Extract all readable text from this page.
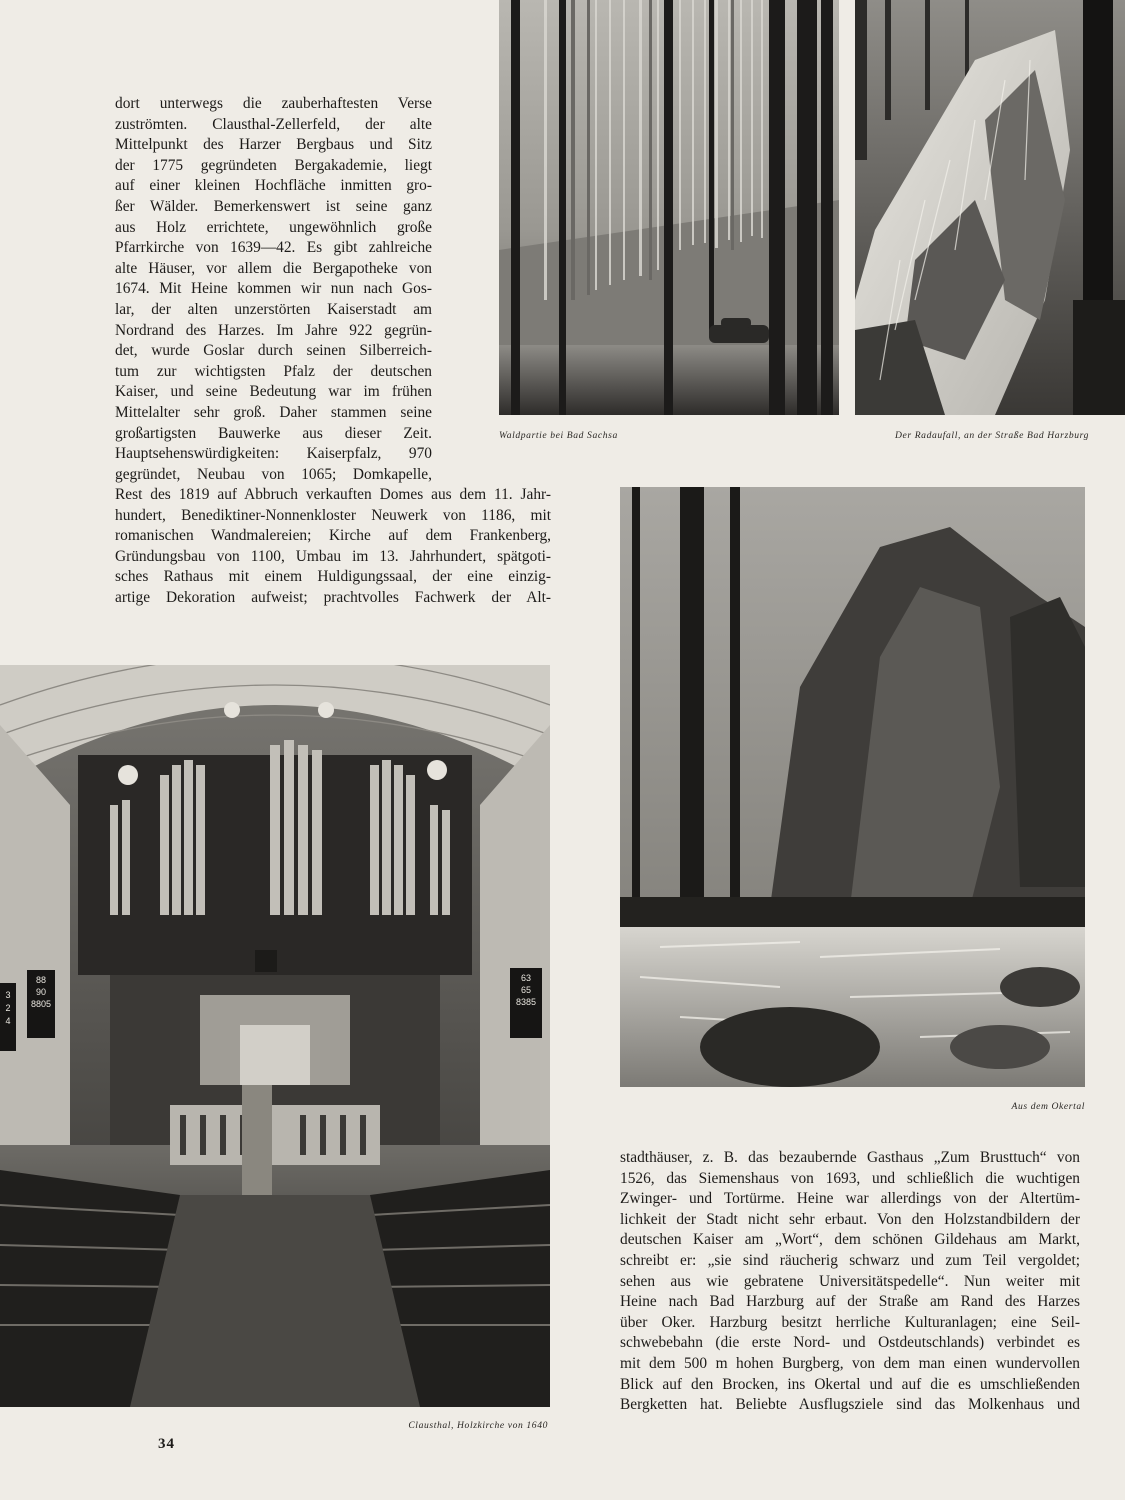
dort unterwegs die zauberhaftesten Verse
zuströmten. Clausthal-Zellerfeld, der alte
Mittelpunkt des Harzer Bergbaus und Sitz
der 1775 gegründeten Bergakademie, liegt
auf einer kleinen Hochfläche inmitten gro-
ßer Wälder. Bemerkenswert ist seine ganz
aus Holz errichtete, ungewöhnlich große
Pfarrkirche von 1639—42. Es gibt zahlreiche
alte Häuser, vor allem die Bergapotheke von
1674. Mit Heine kommen wir nun nach Gos-
lar, der alten unzerstörten Kaiserstadt am
Nordrand des Harzes. Im Jahre 922 gegrün-
det, wurde Goslar durch seinen Silberreich-
tum zur wichtigsten Pfalz der deutschen
Kaiser, und seine Bedeutung war im frühen
Mittelalter sehr groß. Daher stammen seine
großartigsten Bauwerke aus dieser Zeit.
Hauptsehenswürdigkeiten: Kaiserpfalz, 970
gegründet, Neubau von 1065; Domkapelle,
Rest des 1819 auf Abbruch verkauften Domes aus dem 11. Jahr-
hundert, Benediktiner-Nonnenkloster Neuwerk von 1186, mit
romanischen Wandmalereien; Kirche auf dem Frankenberg,
Gründungsbau von 1100, Umbau im 13. Jahrhundert, spätgoti-
sches Rathaus mit einem Huldigungssaal, der eine einzig-
artige Dekoration aufweist; prachtvolles Fachwerk der Alt-
Waldpartie bei Bad Sachsa	Der Radaufall, an der Straße Bad Harzburg
Aus dem Okertal
stadthäuser, z. B. das bezaubernde Gasthaus „Zum Brusttuch“ von
1526, das Siemenshaus von 1693, und schließlich die wuchtigen
Zwinger- und Tortürme. Heine war allerdings von der Altertüm-
lichkeit der Stadt nicht sehr erbaut. Von den Holzstandbildern der
deutschen Kaiser am „Wort“, dem schönen Gildehaus am Markt,
schreibt er: „sie sind räucherig schwarz und zum Teil vergoldet;
sehen aus wie gebratene Universitätspedelle“. Nun weiter mit
Heine nach Bad Harzburg auf der Straße am Rand des Harzes
über Oker. Harzburg besitzt herrliche Kulturanlagen; eine Seil-
schwebebahn (die erste Nord- und Ostdeutschlands) verbindet es
mit dem 500 m hohen Burgberg, von dem man einen wundervollen
Blick auf den Brocken, ins Okertal und auf die es umschließenden
Bergketten hat. Beliebte Ausflugsziele sind das Molkenhaus und
88
90
8805
63
65
8385
3
2
4
Clausthal, Holzkirche von 1640
34
